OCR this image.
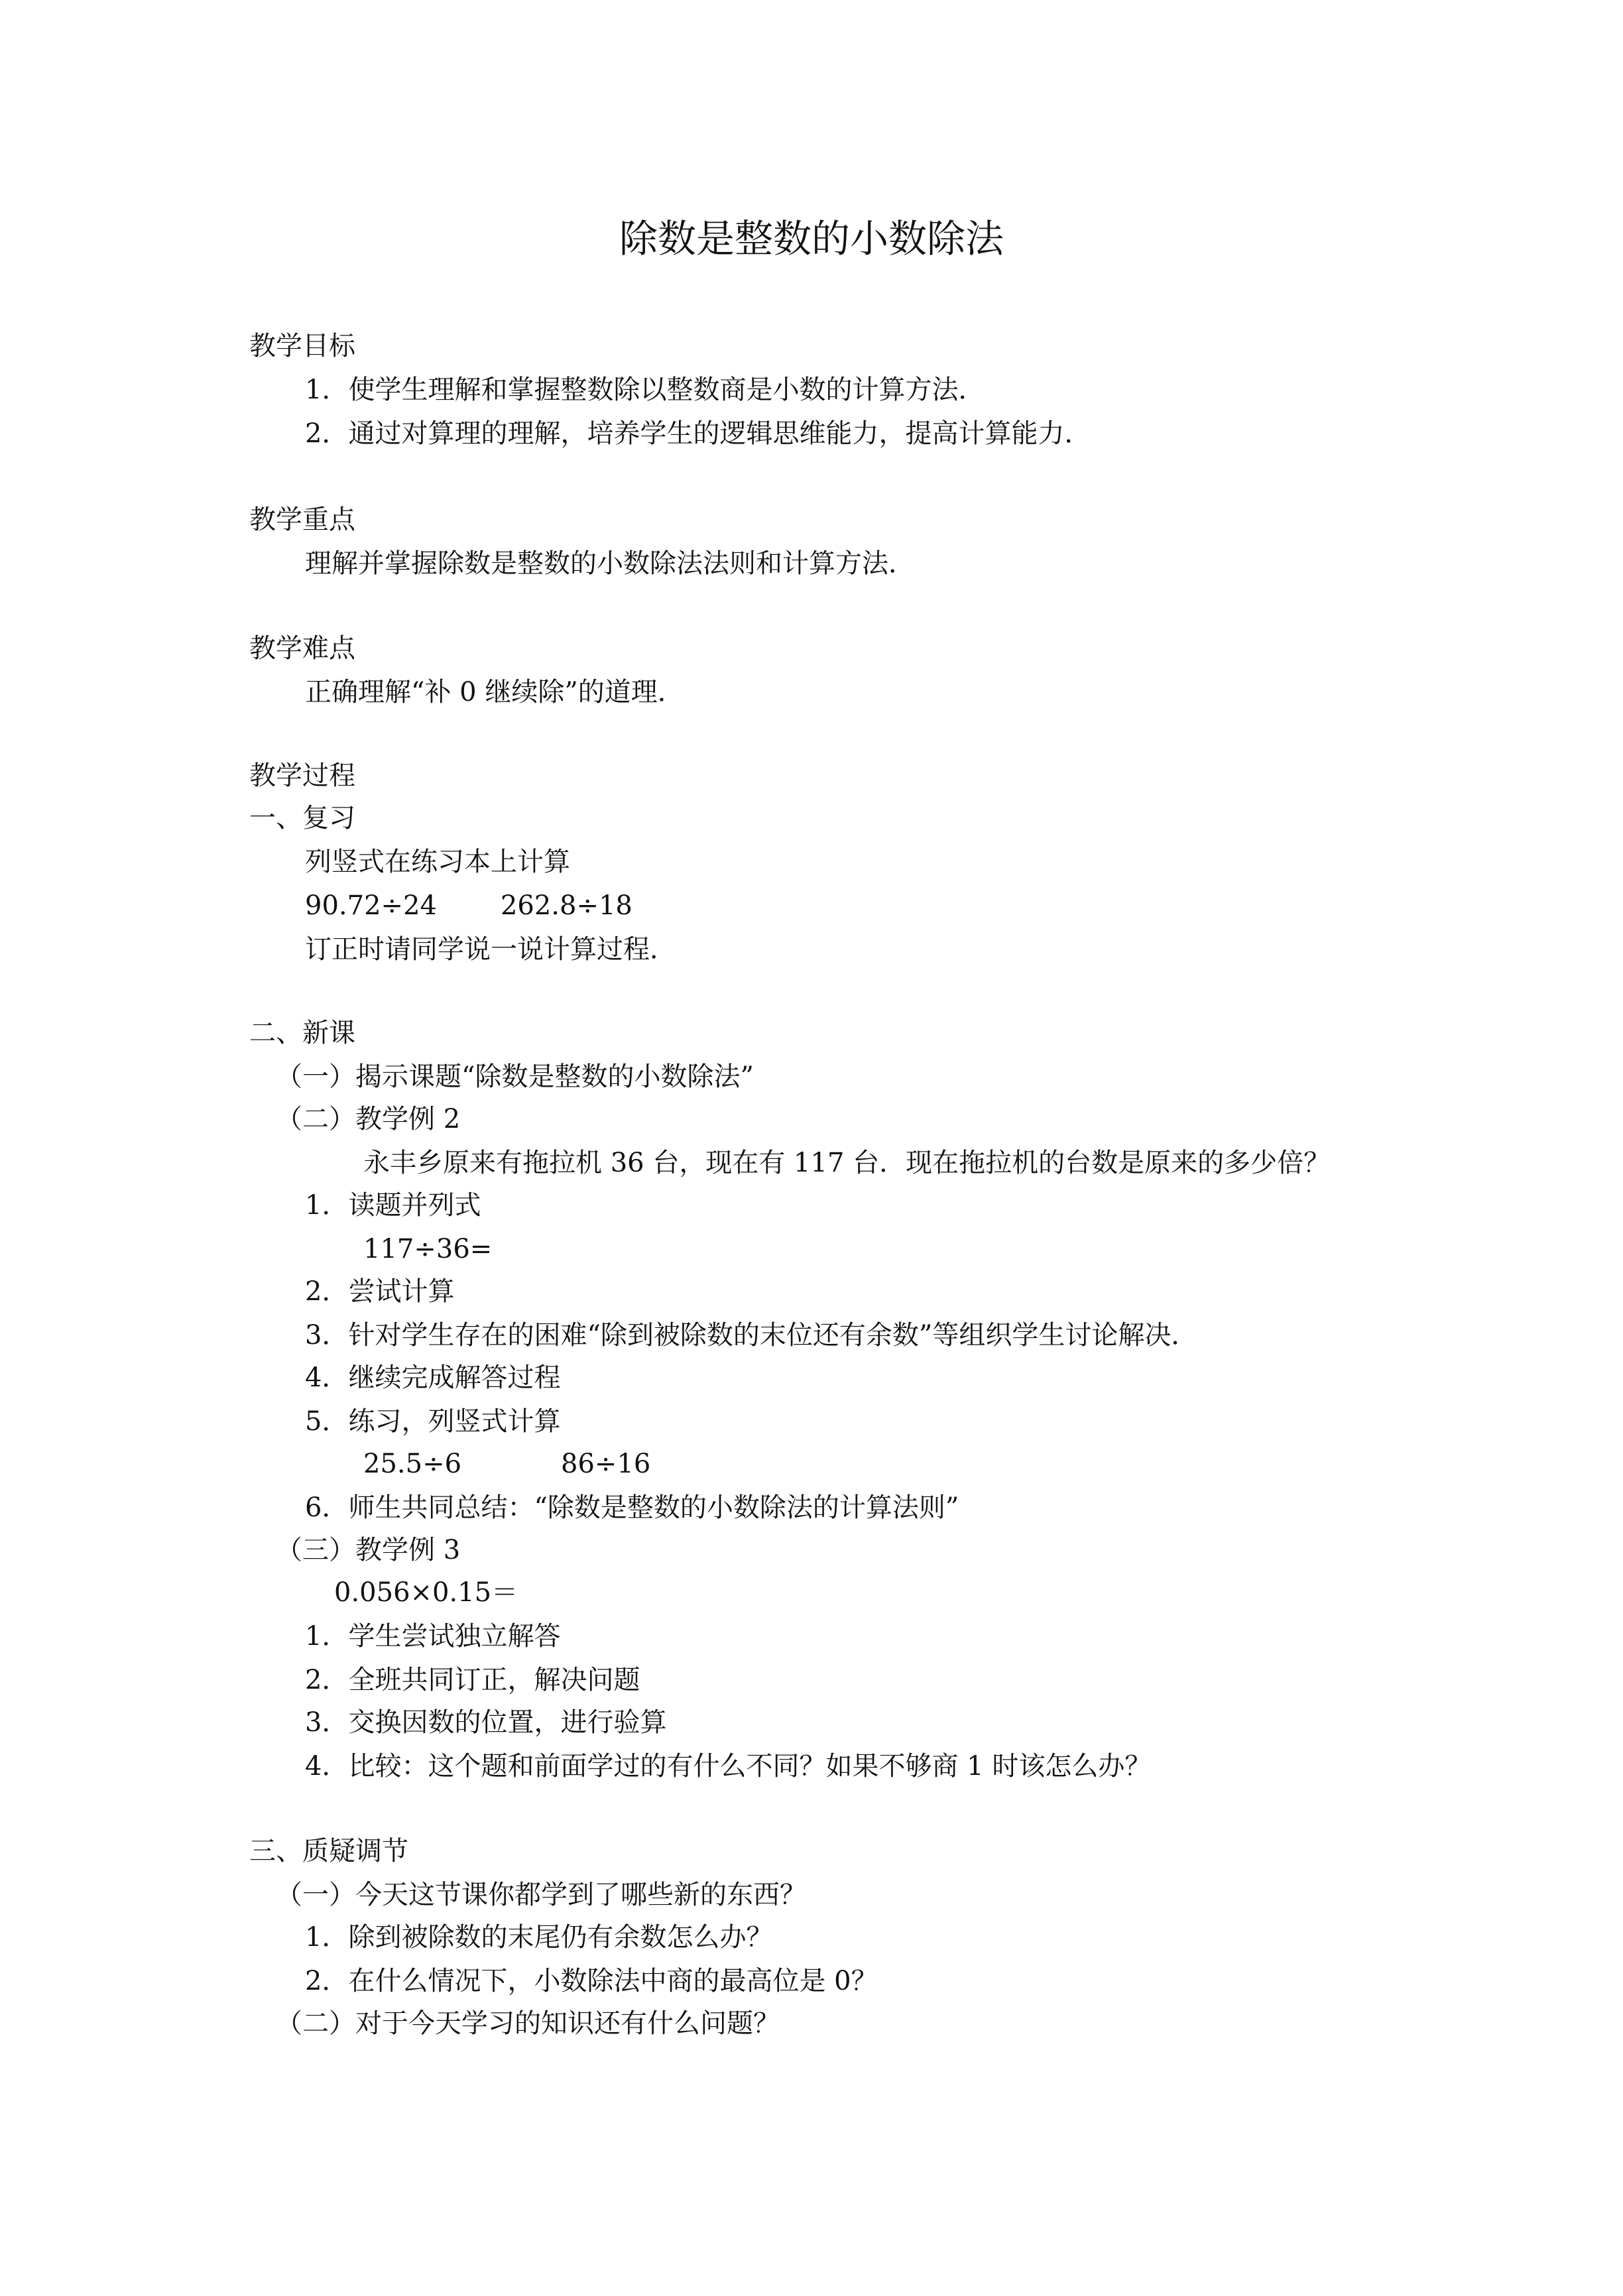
除数是整数的小数除法
教学目标
1．使学生理解和掌握整数除以整数商是小数的计算方法．
2．通过对算理的理解，培养学生的逻辑思维能力，提高计算能力．
教学重点
理解并掌握除数是整数的小数除法法则和计算方法．
教学难点
正确理解“补 0 继续除”的道理．
教学过程
一、复习
列竖式在练习本上计算
90.72÷24 262.8÷18
订正时请同学说一说计算过程．
二、新课
（一）揭示课题“除数是整数的小数除法”
（二）教学例 2
永丰乡原来有拖拉机 36 台，现在有 117 台．现在拖拉机的台数是原来的多少倍？
1．读题并列式
117÷36=
2．尝试计算
3．针对学生存在的困难“除到被除数的末位还有余数”等组织学生讨论解决．
4．继续完成解答过程
5．练习，列竖式计算
25.5÷6	86÷16
6．师生共同总结：“除数是整数的小数除法的计算法则”
（三）教学例 3
0.056×0.15＝
1．学生尝试独立解答
2．全班共同订正，解决问题
3．交换因数的位置，进行验算
4．比较：这个题和前面学过的有什么不同？如果不够商 1 时该怎么办？
三、质疑调节
（一）今天这节课你都学到了哪些新的东西？
1．除到被除数的末尾仍有余数怎么办？
2．在什么情况下，小数除法中商的最高位是 0？
（二）对于今天学习的知识还有什么问题？
